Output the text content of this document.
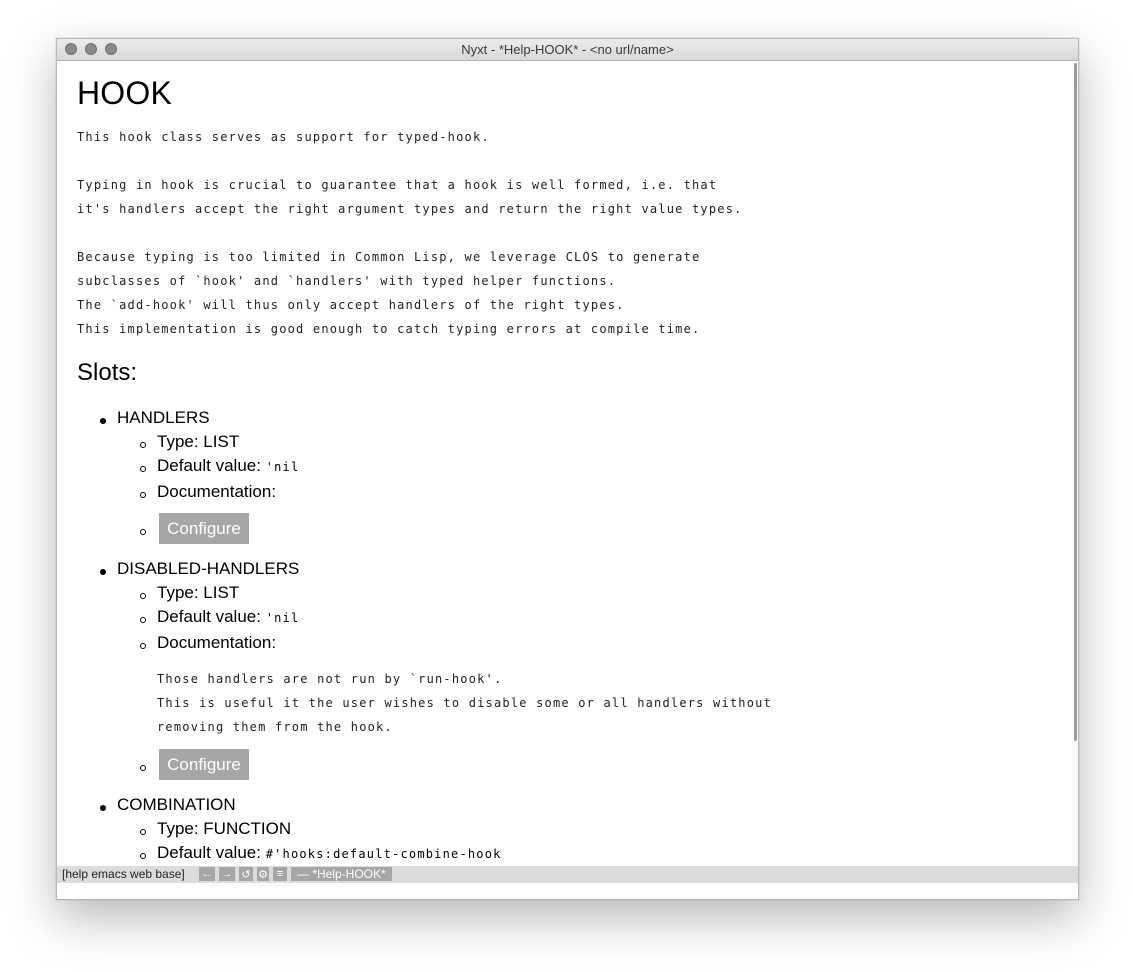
Nyxt - *Help-HOOK* - <no url/name>
HOOK
This hook class serves as support for typed-hook.
Typing in hook is crucial to guarantee that a hook is well formed, i.e. that
it's handlers accept the right argument types and return the right value types.
Because typing is too limited in Common Lisp, we leverage CLOS to generate
subclasses of `hook' and `handlers' with typed helper functions.
The `add-hook' will thus only accept handlers of the right types.
This implementation is good enough to catch typing errors at compile time.
Slots:
HANDLERS
Type: LIST
Default value: 'nil
Documentation:
Configure
DISABLED-HANDLERS
Type: LIST
Default value: 'nil
Documentation:
Those handlers are not run by `run-hook'.
This is useful it the user wishes to disable some or all handlers without
removing them from the hook.
Configure
COMBINATION
Type: FUNCTION
Default value: #'hooks:default-combine-hook
[help emacs web base] ← → ↺ ⚙ ≡	— *Help-HOOK*
